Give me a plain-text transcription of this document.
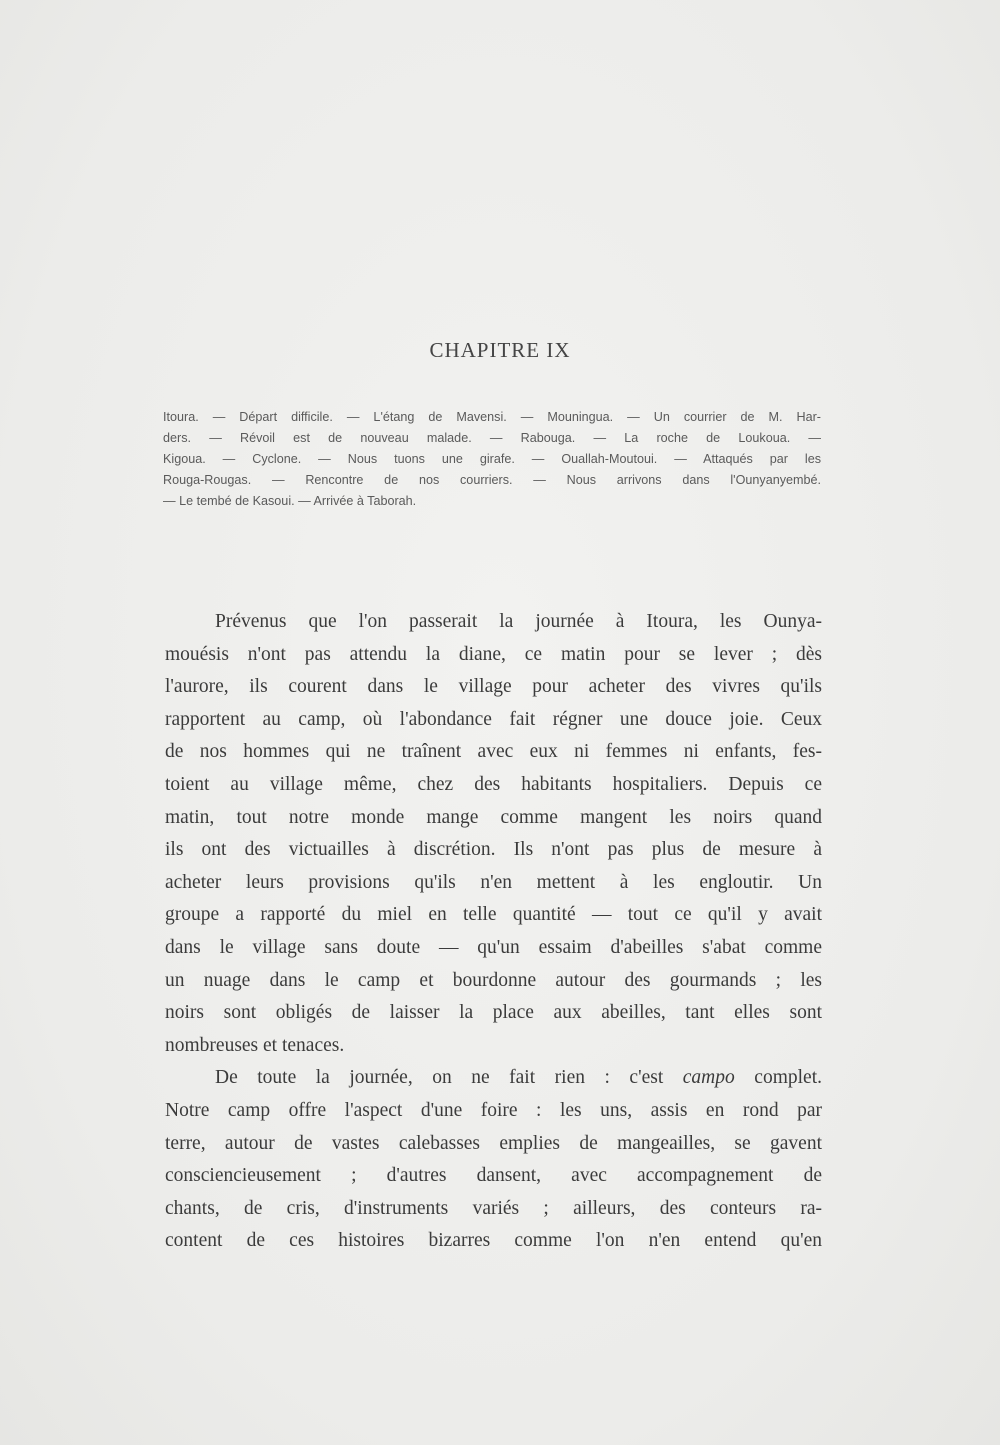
CHAPITRE IX
Itoura. — Départ difficile. — L'étang de Mavensi. — Mouningua. — Un courrier de M. Har-
ders. — Révoil est de nouveau malade. — Rabouga. — La roche de Loukoua. —
Kigoua. — Cyclone. — Nous tuons une girafe. — Ouallah-Moutoui. — Attaqués par les
Rouga-Rougas. — Rencontre de nos courriers. — Nous arrivons dans l'Ounyanyembé.
— Le tembé de Kasoui. — Arrivée à Taborah.
Prévenus que l'on passerait la journée à Itoura, les Ounya-
mouésis n'ont pas attendu la diane, ce matin pour se lever ; dès
l'aurore, ils courent dans le village pour acheter des vivres qu'ils
rapportent au camp, où l'abondance fait régner une douce joie. Ceux
de nos hommes qui ne traînent avec eux ni femmes ni enfants, fes-
toient au village même, chez des habitants hospitaliers. Depuis ce
matin, tout notre monde mange comme mangent les noirs quand
ils ont des victuailles à discrétion. Ils n'ont pas plus de mesure à
acheter leurs provisions qu'ils n'en mettent à les engloutir. Un
groupe a rapporté du miel en telle quantité — tout ce qu'il y avait
dans le village sans doute — qu'un essaim d'abeilles s'abat comme
un nuage dans le camp et bourdonne autour des gourmands ; les
noirs sont obligés de laisser la place aux abeilles, tant elles sont
nombreuses et tenaces.
De toute la journée, on ne fait rien : c'est campo complet.
Notre camp offre l'aspect d'une foire : les uns, assis en rond par
terre, autour de vastes calebasses emplies de mangeailles, se gavent
consciencieusement ; d'autres dansent, avec accompagnement de
chants, de cris, d'instruments variés ; ailleurs, des conteurs ra-
content de ces histoires bizarres comme l'on n'en entend qu'en
